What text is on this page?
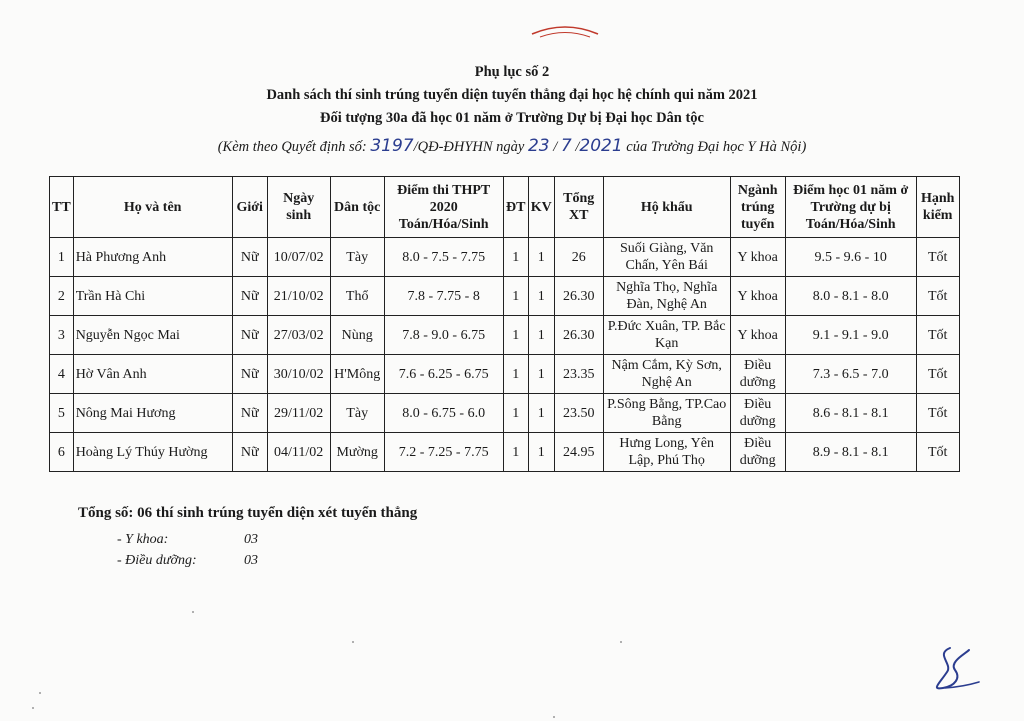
Phụ lục số 2
Danh sách thí sinh trúng tuyển diện tuyển thẳng đại học hệ chính qui năm 2021
Đối tượng 30a đã học 01 năm ở Trường Dự bị Đại học Dân tộc
(Kèm theo Quyết định số: 3197/QĐ-ĐHYHN ngày 23 / 7 /2021 của Trường Đại học Y Hà Nội)
TT	Họ và tên	Giới	Ngày sinh	Dân tộc	Điểm thi THPT 2020 Toán/Hóa/Sinh	ĐT	KV	Tổng XT	Hộ khẩu	Ngành trúng tuyển	Điểm học 01 năm ở Trường dự bị Toán/Hóa/Sinh	Hạnh kiểm
1	Hà Phương Anh	Nữ	10/07/02	Tày	8.0 - 7.5 - 7.75	1	1	26	Suối Giàng, Văn Chấn, Yên Bái	Y khoa	9.5 - 9.6 - 10	Tốt
2	Trần Hà Chi	Nữ	21/10/02	Thổ	7.8 - 7.75 - 8	1	1	26.30	Nghĩa Thọ, Nghĩa Đàn, Nghệ An	Y khoa	8.0 - 8.1 - 8.0	Tốt
3	Nguyễn Ngọc Mai	Nữ	27/03/02	Nùng	7.8 - 9.0 - 6.75	1	1	26.30	P.Đức Xuân, TP. Bắc Kạn	Y khoa	9.1 - 9.1 - 9.0	Tốt
4	Hờ Vân Anh	Nữ	30/10/02	H'Mông	7.6 - 6.25 - 6.75	1	1	23.35	Nậm Cắm, Kỳ Sơn, Nghệ An	Điều dưỡng	7.3 - 6.5 - 7.0	Tốt
5	Nông Mai Hương	Nữ	29/11/02	Tày	8.0 - 6.75 - 6.0	1	1	23.50	P.Sông Bằng, TP.Cao Bằng	Điều dưỡng	8.6 - 8.1 - 8.1	Tốt
6	Hoàng Lý Thúy Hường	Nữ	04/11/02	Mường	7.2 - 7.25 - 7.75	1	1	24.95	Hưng Long, Yên Lập, Phú Thọ	Điều dưỡng	8.9 - 8.1 - 8.1	Tốt
Tổng số: 06 thí sinh trúng tuyển diện xét tuyển thẳng
- Y khoa:	03
- Điều dưỡng:	03
